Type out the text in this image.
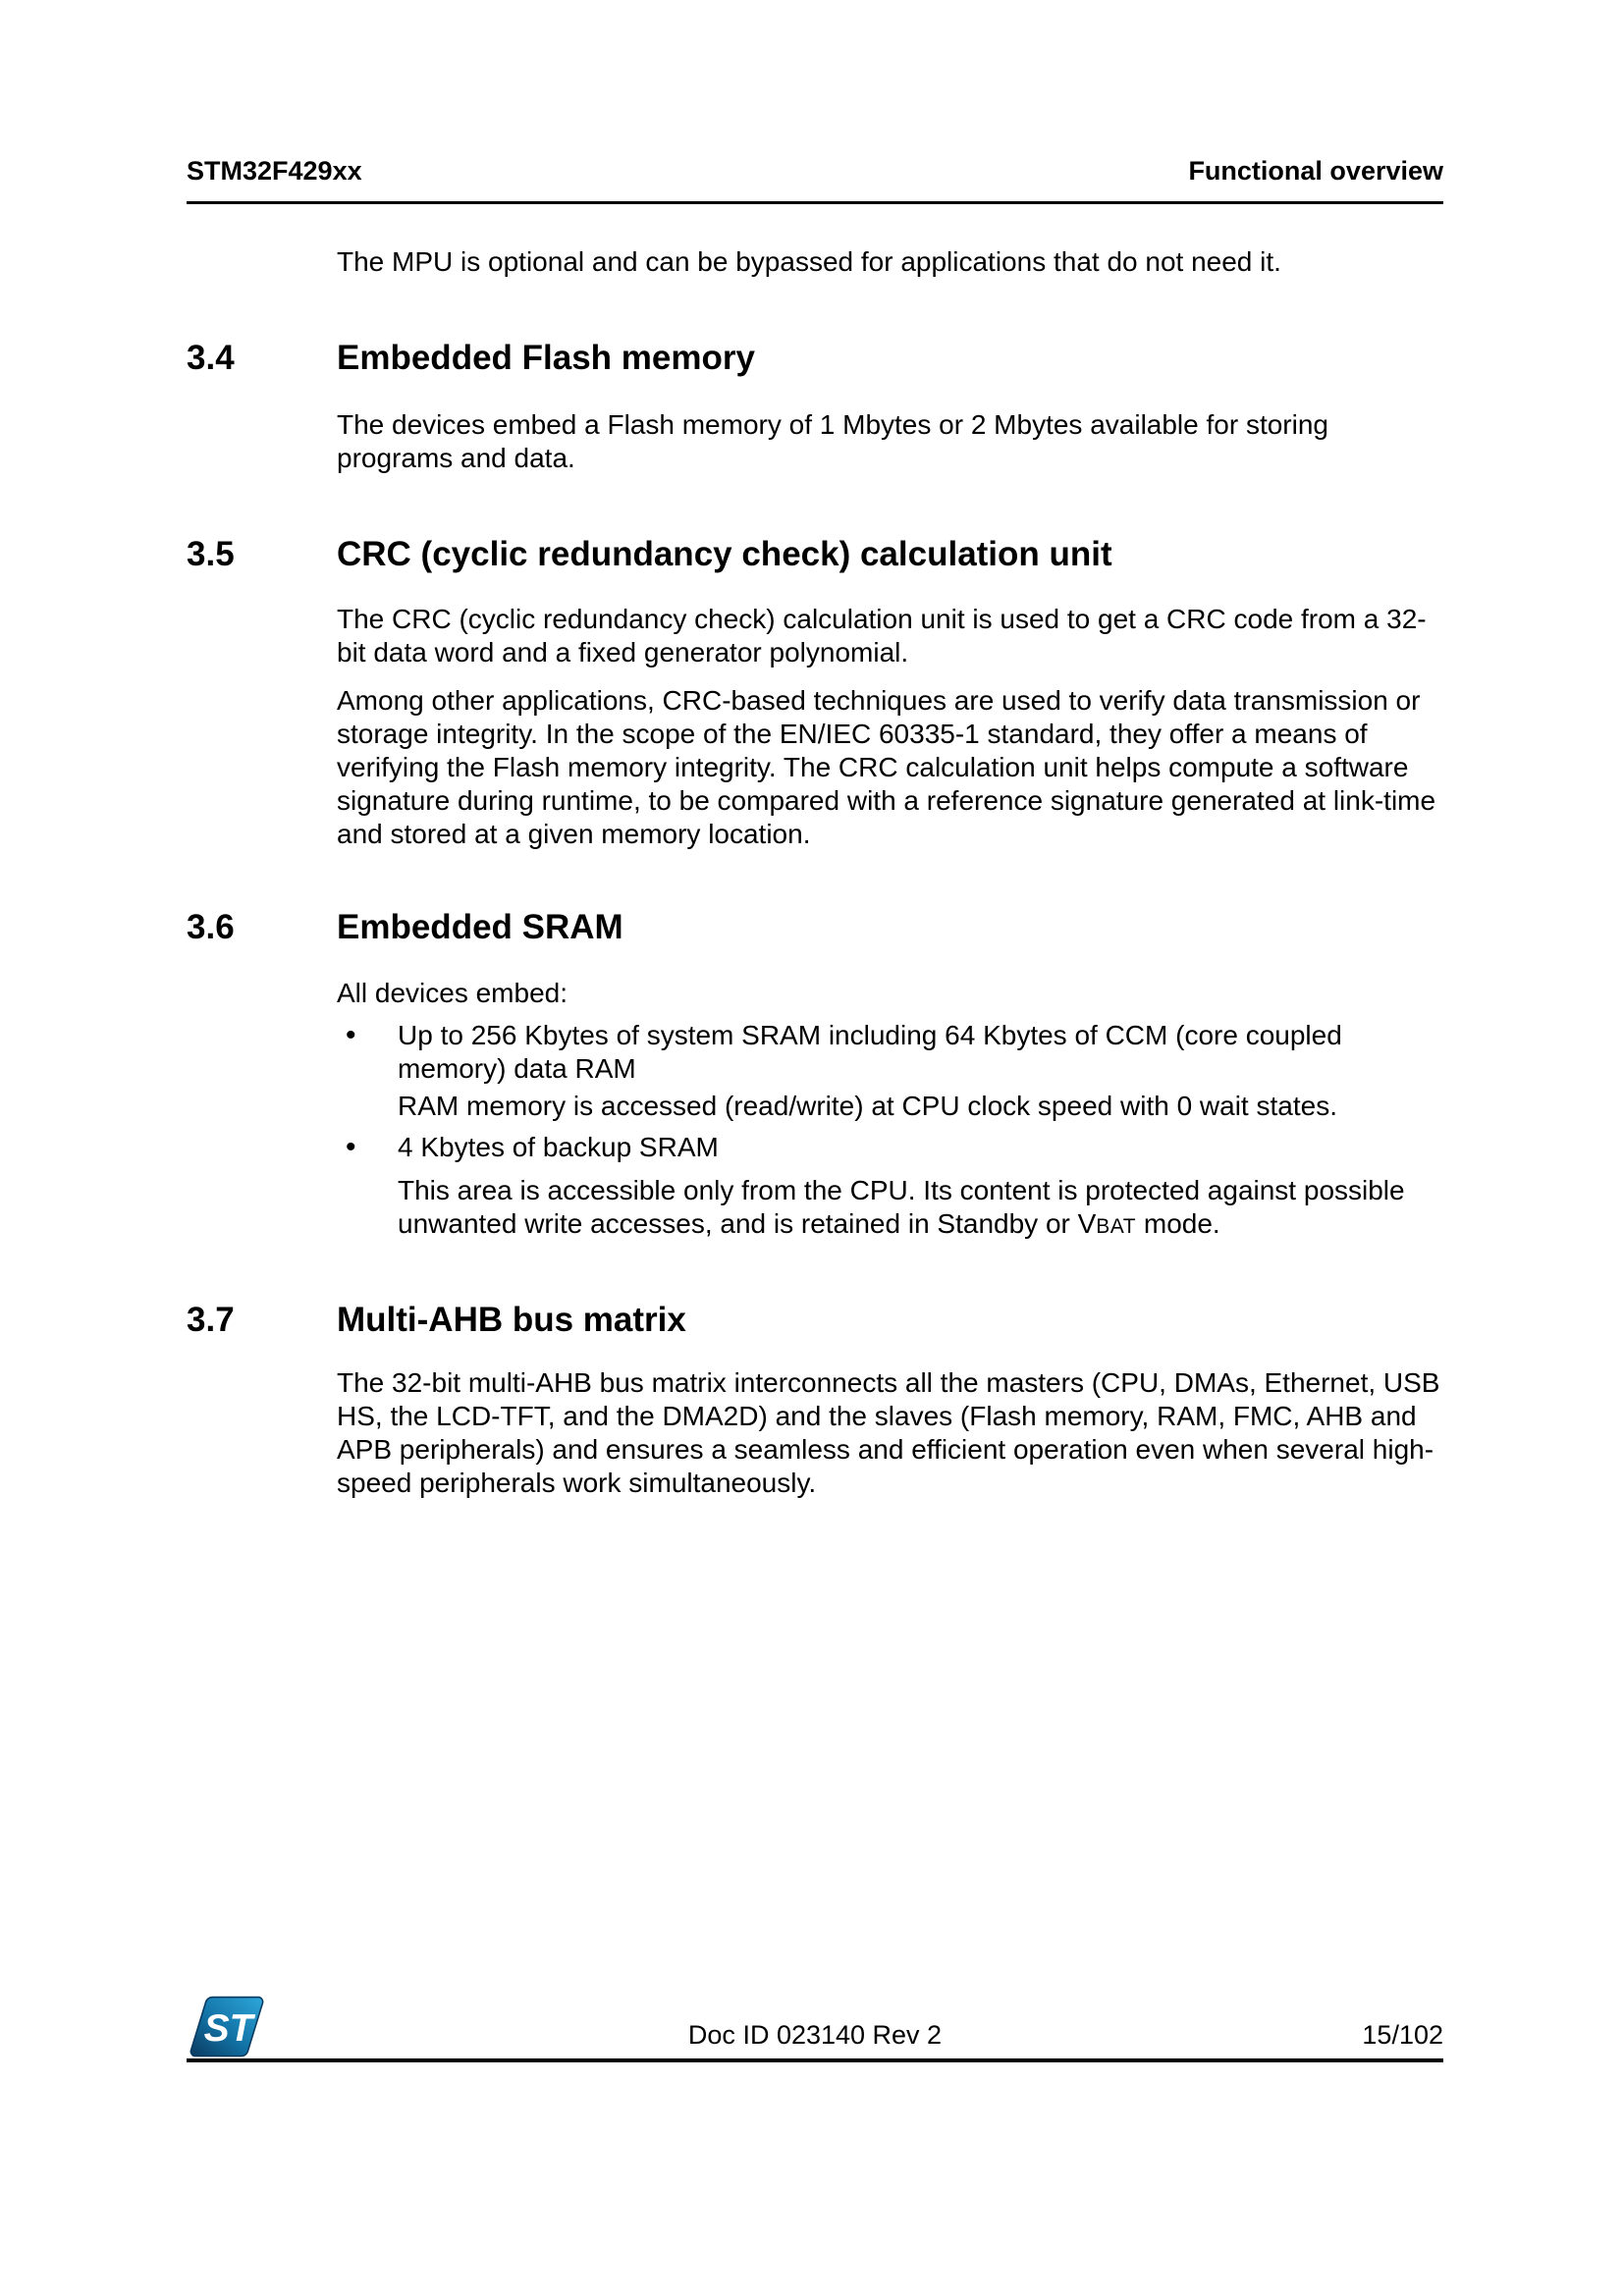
STM32F429xx	Functional overview
The MPU is optional and can be bypassed for applications that do not need it.
3.4	Embedded Flash memory
The devices embed a Flash memory of 1 Mbytes or 2 Mbytes available for storing programs and data.
3.5	CRC (cyclic redundancy check) calculation unit
The CRC (cyclic redundancy check) calculation unit is used to get a CRC code from a 32-bit data word and a fixed generator polynomial.
Among other applications, CRC-based techniques are used to verify data transmission or storage integrity. In the scope of the EN/IEC 60335-1 standard, they offer a means of verifying the Flash memory integrity. The CRC calculation unit helps compute a software signature during runtime, to be compared with a reference signature generated at link-time and stored at a given memory location.
3.6	Embedded SRAM
All devices embed:
•	Up to 256 Kbytes of system SRAM including 64 Kbytes of CCM (core coupled memory) data RAM
RAM memory is accessed (read/write) at CPU clock speed with 0 wait states.
•	4 Kbytes of backup SRAM
This area is accessible only from the CPU. Its content is protected against possible unwanted write accesses, and is retained in Standby or VBAT mode.
3.7	Multi-AHB bus matrix
The 32-bit multi-AHB bus matrix interconnects all the masters (CPU, DMAs, Ethernet, USB HS, the LCD-TFT, and the DMA2D) and the slaves (Flash memory, RAM, FMC, AHB and APB peripherals) and ensures a seamless and efficient operation even when several high-speed peripherals work simultaneously.
ST	Doc ID 023140 Rev 2	15/102
